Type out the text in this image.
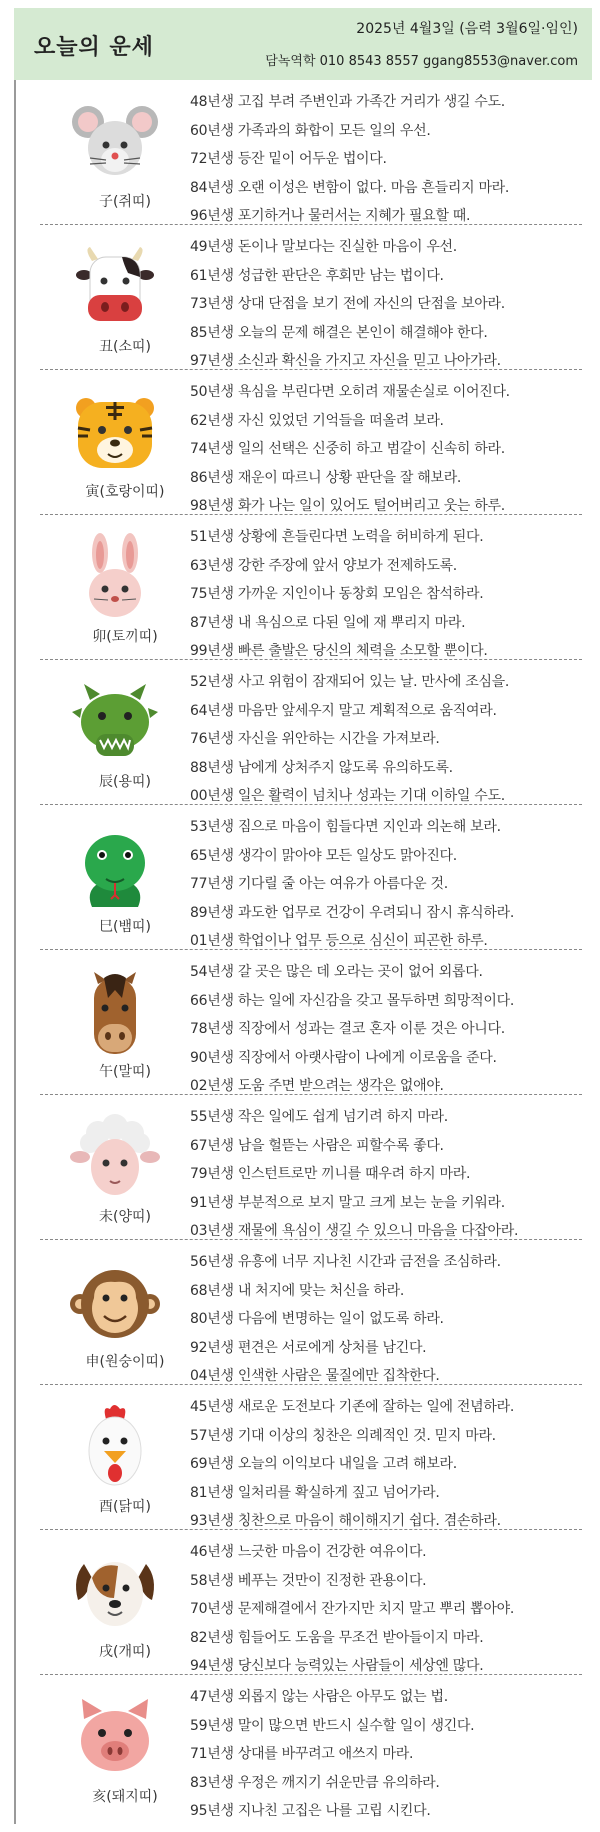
오늘의 운세
2025년 4월3일 (음력 3월6일·임인)
담녹역학 010 8543 8557 ggang8553@naver.com
子(쥐띠)
48년생 고집 부려 주변인과 가족간 거리가 생길 수도.
60년생 가족과의 화합이 모든 일의 우선.
72년생 등잔 밑이 어두운 법이다.
84년생 오랜 이성은 변함이 없다. 마음 흔들리지 마라.
96년생 포기하거나 물러서는 지혜가 필요할 때.
丑(소띠)
49년생 돈이나 말보다는 진실한 마음이 우선.
61년생 성급한 판단은 후회만 남는 법이다.
73년생 상대 단점을 보기 전에 자신의 단점을 보아라.
85년생 오늘의 문제 해결은 본인이 해결해야 한다.
97년생 소신과 확신을 가지고 자신을 믿고 나아가라.
寅(호랑이띠)
50년생 욕심을 부린다면 오히려 재물손실로 이어진다.
62년생 자신 있었던 기억들을 떠올려 보라.
74년생 일의 선택은 신중히 하고 범갈이 신속히 하라.
86년생 재운이 따르니 상황 판단을 잘 해보라.
98년생 화가 나는 일이 있어도 털어버리고 웃는 하루.
卯(토끼띠)
51년생 상황에 흔들린다면 노력을 허비하게 된다.
63년생 강한 주장에 앞서 양보가 전제하도록.
75년생 가까운 지인이나 동창회 모임은 참석하라.
87년생 내 욕심으로 다된 일에 재 뿌리지 마라.
99년생 빠른 출발은 당신의 체력을 소모할 뿐이다.
辰(용띠)
52년생 사고 위험이 잠재되어 있는 날. 만사에 조심을.
64년생 마음만 앞세우지 말고 계획적으로 움직여라.
76년생 자신을 위안하는 시간을 가져보라.
88년생 남에게 상처주지 않도록 유의하도록.
00년생 일은 활력이 넘치나 성과는 기대 이하일 수도.
巳(뱀띠)
53년생 짐으로 마음이 힘들다면 지인과 의논해 보라.
65년생 생각이 맑아야 모든 일상도 맑아진다.
77년생 기다릴 줄 아는 여유가 아름다운 것.
89년생 과도한 업무로 건강이 우려되니 잠시 휴식하라.
01년생 학업이나 업무 등으로 심신이 피곤한 하루.
午(말띠)
54년생 갈 곳은 많은 데 오라는 곳이 없어 외롭다.
66년생 하는 일에 자신감을 갖고 몰두하면 희망적이다.
78년생 직장에서 성과는 결코 혼자 이룬 것은 아니다.
90년생 직장에서 아랫사람이 나에게 이로움을 준다.
02년생 도움 주면 받으려는 생각은 없애야.
未(양띠)
55년생 작은 일에도 쉽게 넘기려 하지 마라.
67년생 남을 헐뜯는 사람은 피할수록 좋다.
79년생 인스턴트로만 끼니를 때우려 하지 마라.
91년생 부분적으로 보지 말고 크게 보는 눈을 키워라.
03년생 재물에 욕심이 생길 수 있으니 마음을 다잡아라.
申(원숭이띠)
56년생 유흥에 너무 지나친 시간과 금전을 조심하라.
68년생 내 처지에 맞는 처신을 하라.
80년생 다음에 변명하는 일이 없도록 하라.
92년생 편견은 서로에게 상처를 남긴다.
04년생 인색한 사람은 물질에만 집착한다.
酉(닭띠)
45년생 새로운 도전보다 기존에 잘하는 일에 전념하라.
57년생 기대 이상의 칭찬은 의례적인 것. 믿지 마라.
69년생 오늘의 이익보다 내일을 고려 해보라.
81년생 일처리를 확실하게 짚고 넘어가라.
93년생 칭찬으로 마음이 해이해지기 쉽다. 겸손하라.
戌(개띠)
46년생 느긋한 마음이 건강한 여유이다.
58년생 베푸는 것만이 진정한 관용이다.
70년생 문제해결에서 잔가지만 치지 말고 뿌리 뽑아야.
82년생 힘들어도 도움을 무조건 받아들이지 마라.
94년생 당신보다 능력있는 사람들이 세상엔 많다.
亥(돼지띠)
47년생 외롭지 않는 사람은 아무도 없는 법.
59년생 말이 많으면 반드시 실수할 일이 생긴다.
71년생 상대를 바꾸려고 애쓰지 마라.
83년생 우정은 깨지기 쉬운만큼 유의하라.
95년생 지나친 고집은 나를 고립 시킨다.
